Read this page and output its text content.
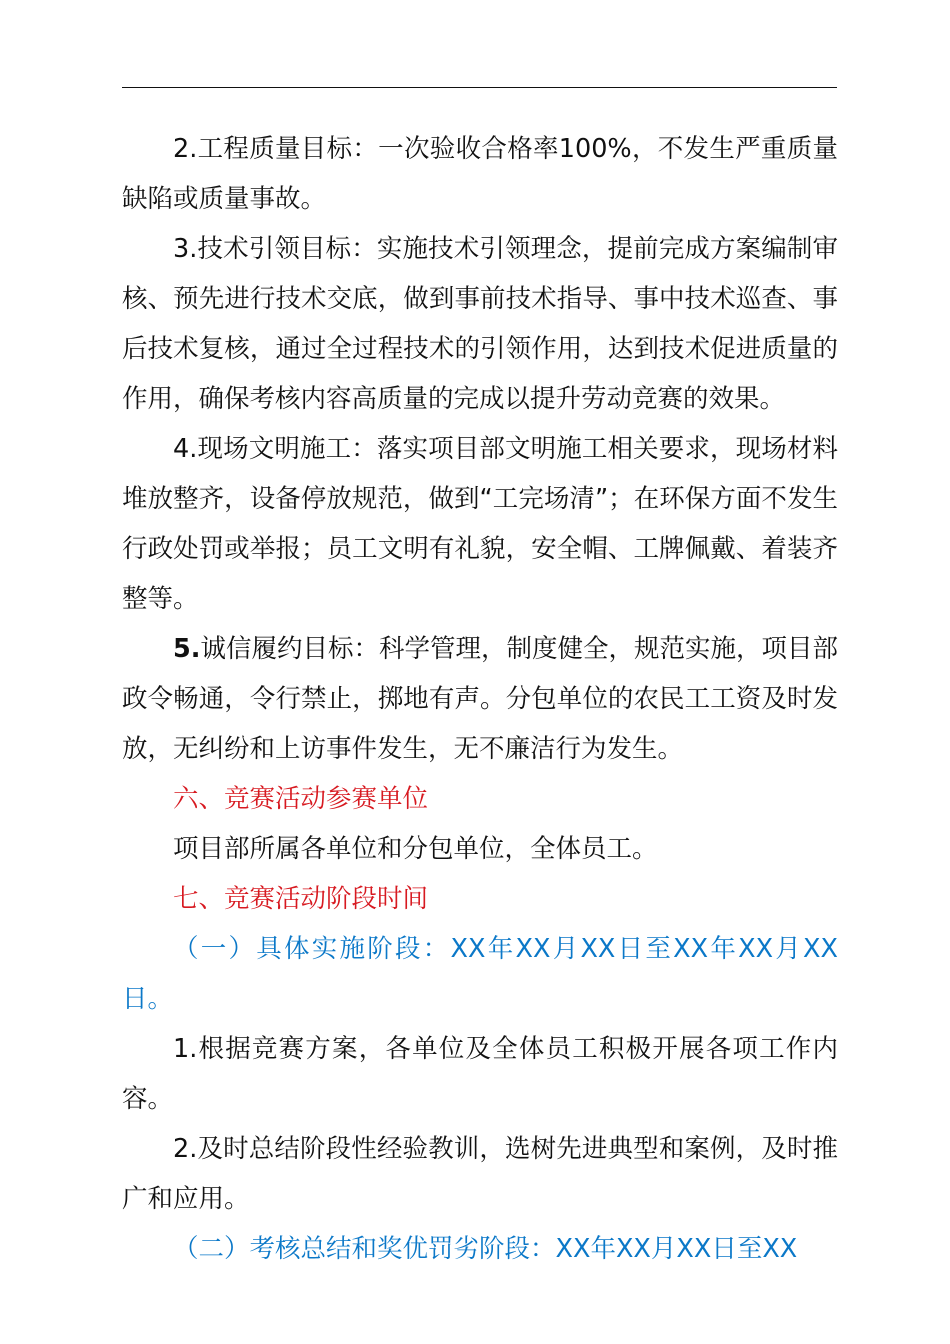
2.工程质量目标：一次验收合格率100%，不发生严重质量缺陷或质量事故。

3.技术引领目标：实施技术引领理念，提前完成方案编制审核、预先进行技术交底，做到事前技术指导、事中技术巡查、事后技术复核，通过全过程技术的引领作用，达到技术促进质量的作用，确保考核内容高质量的完成以提升劳动竞赛的效果。

4.现场文明施工：落实项目部文明施工相关要求，现场材料堆放整齐，设备停放规范，做到“工完场清”；在环保方面不发生行政处罚或举报；员工文明有礼貌，安全帽、工牌佩戴、着装齐整等。

5.诚信履约目标：科学管理，制度健全，规范实施，项目部政令畅通，令行禁止，掷地有声。分包单位的农民工工资及时发放，无纠纷和上访事件发生，无不廉洁行为发生。

六、竞赛活动参赛单位

项目部所属各单位和分包单位，全体员工。

七、竞赛活动阶段时间

（一）具体实施阶段：XX年XX月XX日至XX年XX月XX日。

1.根据竞赛方案，各单位及全体员工积极开展各项工作内容。

2.及时总结阶段性经验教训，选树先进典型和案例，及时推广和应用。

（二）考核总结和奖优罚劣阶段：XX年XX月XX日至XX
